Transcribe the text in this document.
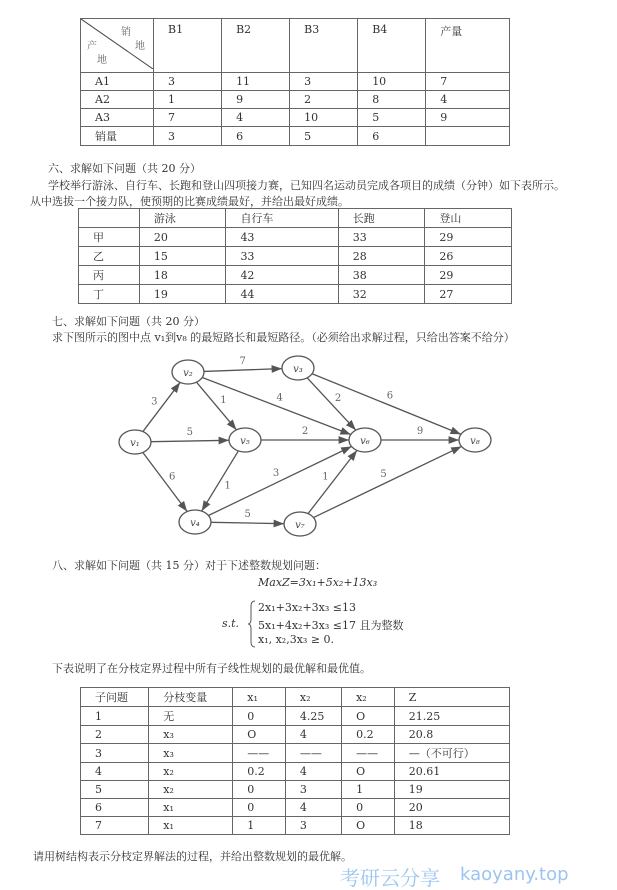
销
地
产
地	B1	B2	B3	B4	产量
A1	3	11	3	10	7
A2	1	9	2	8	4
A3	7	4	10	5	9
销量	3	6	5	6	
六、求解如下问题（共 20 分）
学校举行游泳、自行车、长跑和登山四项接力赛，已知四名运动员完成各项目的成绩（分钟）如下表所示。
从中选拔一个接力队，使预期的比赛成绩最好，并给出最好成绩。
	游泳	自行车	长跑	登山
甲	20	43	33	29
乙	15	33	28	26
丙	18	42	38	29
丁	19	44	32	27
七、求解如下问题（共 20 分）
求下图所示的图中点 v₁到v₈ 的最短路长和最短路径。（必须给出求解过程，只给出答案不给分）
3
5
6
7
1	4	2	6
2
1
3
5
1	5
9
v₁
v₂	v₃
v₄
v₅	v₆
v₇
v₈
八、求解如下问题（共 15 分）对于下述整数规划问题：
MaxZ=3x₁+5x₂+13x₃
s.t.
2x₁+3x₂+3x₃ ≤13
5x₁+4x₂+3x₃ ≤17 且为整数
x₁, x₂,3x₃ ≥ 0.
下表说明了在分枝定界过程中所有子线性规划的最优解和最优值。
子问题	分枝变量	x₁	x₂	x₂	Z
1	无	0	4.25	O	21.25
2	x₃	O	4	0.2	20.8
3	x₃	——	——	——	—（不可行）
4	x₂	0.2	4	O	20.61
5	x₂	0	3	1	19
6	x₁	0	4	0	20
7	x₁	1	3	O	18
请用树结构表示分枝定界解法的过程，并给出整数规划的最优解。
考研云分享 kaoyany.top
